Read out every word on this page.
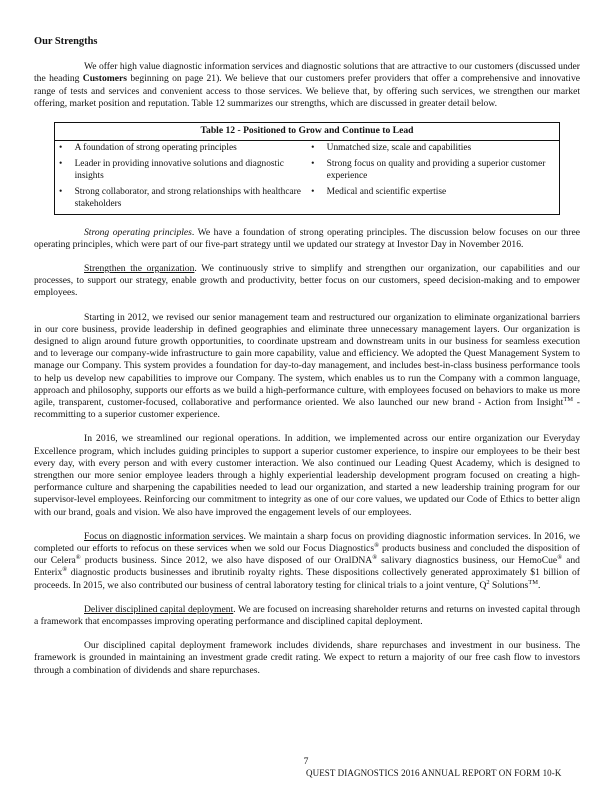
Our Strengths

We offer high value diagnostic information services and diagnostic solutions that are attractive to our customers (discussed under the heading Customers beginning on page 21). We believe that our customers prefer providers that offer a comprehensive and innovative range of tests and services and convenient access to those services. We believe that, by offering such services, we strengthen our market offering, market position and reputation. Table 12 summarizes our strengths, which are discussed in greater detail below.

Table 12 - Positioned to Grow and Continue to Lead			
•	A foundation of strong operating principles	•	Unmatched size, scale and capabilities
•	Leader in providing innovative solutions and diagnostic insights	•	Strong focus on quality and providing a superior customer experience
•	Strong collaborator, and strong relationships with healthcare stakeholders	•	Medical and scientific expertise

Strong operating principles. We have a foundation of strong operating principles. The discussion below focuses on our three operating principles, which were part of our five-part strategy until we updated our strategy at Investor Day in November 2016.

Strengthen the organization. We continuously strive to simplify and strengthen our organization, our capabilities and our processes, to support our strategy, enable growth and productivity, better focus on our customers, speed decision-making and to empower employees.

Starting in 2012, we revised our senior management team and restructured our organization to eliminate organizational barriers in our core business, provide leadership in defined geographies and eliminate three unnecessary management layers. Our organization is designed to align around future growth opportunities, to coordinate upstream and downstream units in our business for seamless execution and to leverage our company-wide infrastructure to gain more capability, value and efficiency. We adopted the Quest Management System to manage our Company. This system provides a foundation for day-to-day management, and includes best-in-class business performance tools to help us develop new capabilities to improve our Company. The system, which enables us to run the Company with a common language, approach and philosophy, supports our efforts as we build a high-performance culture, with employees focused on behaviors to make us more agile, transparent, customer-focused, collaborative and performance oriented. We also launched our new brand - Action from Insight™ - recommitting to a superior customer experience.

In 2016, we streamlined our regional operations. In addition, we implemented across our entire organization our Everyday Excellence program, which includes guiding principles to support a superior customer experience, to inspire our employees to be their best every day, with every person and with every customer interaction. We also continued our Leading Quest Academy, which is designed to strengthen our more senior employee leaders through a highly experiential leadership development program focused on creating a high-performance culture and sharpening the capabilities needed to lead our organization, and started a new leadership training program for our supervisor-level employees. Reinforcing our commitment to integrity as one of our core values, we updated our Code of Ethics to better align with our brand, goals and vision. We also have improved the engagement levels of our employees.

Focus on diagnostic information services. We maintain a sharp focus on providing diagnostic information services. In 2016, we completed our efforts to refocus on these services when we sold our Focus Diagnostics® products business and concluded the disposition of our Celera® products business. Since 2012, we also have disposed of our OralDNA® salivary diagnostics business, our HemoCue® and Enterix® diagnostic products businesses and ibrutinib royalty rights. These dispositions collectively generated approximately $1 billion of proceeds. In 2015, we also contributed our business of central laboratory testing for clinical trials to a joint venture, $Q^2$ Solutions™.

Deliver disciplined capital deployment. We are focused on increasing shareholder returns and returns on invested capital through a framework that encompasses improving operating performance and disciplined capital deployment.

Our disciplined capital deployment framework includes dividends, share repurchases and investment in our business. The framework is grounded in maintaining an investment grade credit rating. We expect to return a majority of our free cash flow to investors through a combination of dividends and share repurchases.

7
QUEST DIAGNOSTICS 2016 ANNUAL REPORT ON FORM 10-K
